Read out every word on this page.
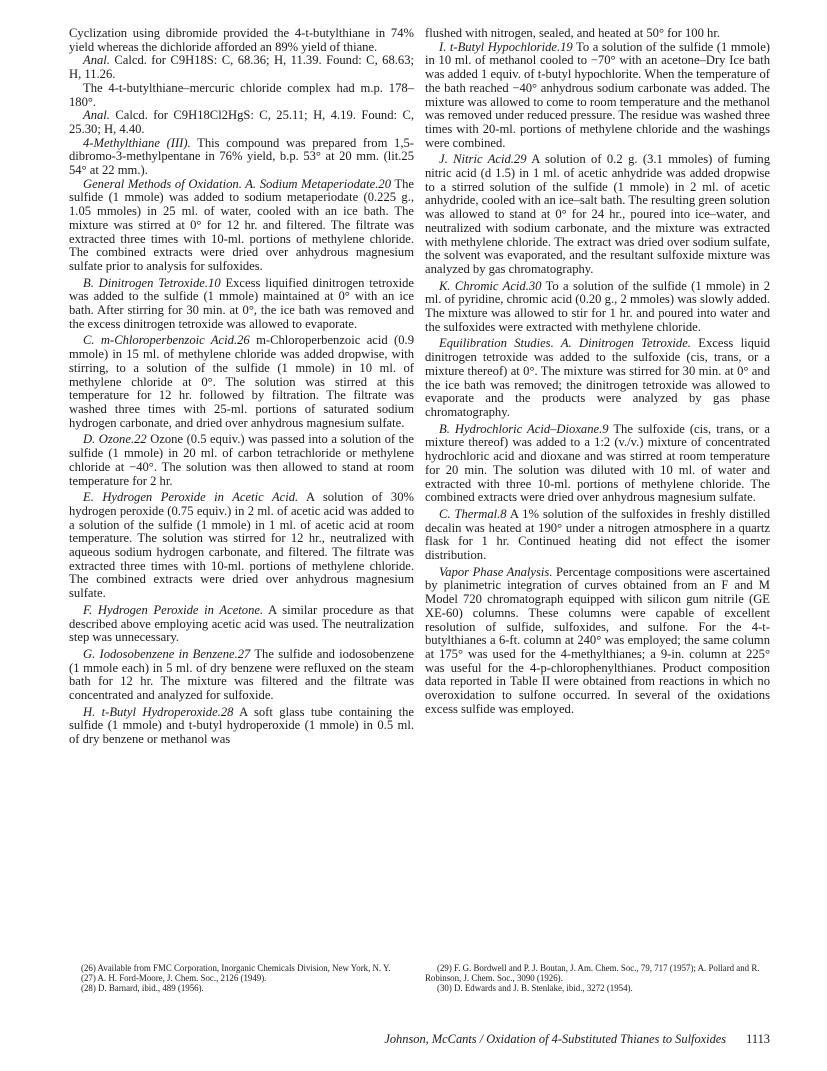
Cyclization using dibromide provided the 4-t-butylthiane in 74% yield whereas the dichloride afforded an 89% yield of thiane.

Anal. Calcd. for C9H18S: C, 68.36; H, 11.39. Found: C, 68.63; H, 11.26.

The 4-t-butylthiane–mercuric chloride complex had m.p. 178–180°.

Anal. Calcd. for C9H18Cl2HgS: C, 25.11; H, 4.19. Found: C, 25.30; H, 4.40.

4-Methylthiane (III). This compound was prepared from 1,5-dibromo-3-methylpentane in 76% yield, b.p. 53° at 20 mm. (lit.25 54° at 22 mm.).

General Methods of Oxidation. A. Sodium Metaperiodate.20 The sulfide (1 mmole) was added to sodium metaperiodate (0.225 g., 1.05 mmoles) in 25 ml. of water, cooled with an ice bath. The mixture was stirred at 0° for 12 hr. and filtered. The filtrate was extracted three times with 10-ml. portions of methylene chloride. The combined extracts were dried over anhydrous magnesium sulfate prior to analysis for sulfoxides.

B. Dinitrogen Tetroxide.10 Excess liquified dinitrogen tetroxide was added to the sulfide (1 mmole) maintained at 0° with an ice bath. After stirring for 30 min. at 0°, the ice bath was removed and the excess dinitrogen tetroxide was allowed to evaporate.

C. m-Chloroperbenzoic Acid.26 m-Chloroperbenzoic acid (0.9 mmole) in 15 ml. of methylene chloride was added dropwise, with stirring, to a solution of the sulfide (1 mmole) in 10 ml. of methylene chloride at 0°. The solution was stirred at this temperature for 12 hr. followed by filtration. The filtrate was washed three times with 25-ml. portions of saturated sodium hydrogen carbonate, and dried over anhydrous magnesium sulfate.

D. Ozone.22 Ozone (0.5 equiv.) was passed into a solution of the sulfide (1 mmole) in 20 ml. of carbon tetrachloride or methylene chloride at −40°. The solution was then allowed to stand at room temperature for 2 hr.

E. Hydrogen Peroxide in Acetic Acid. A solution of 30% hydrogen peroxide (0.75 equiv.) in 2 ml. of acetic acid was added to a solution of the sulfide (1 mmole) in 1 ml. of acetic acid at room temperature. The solution was stirred for 12 hr., neutralized with aqueous sodium hydrogen carbonate, and filtered. The filtrate was extracted three times with 10-ml. portions of methylene chloride. The combined extracts were dried over anhydrous magnesium sulfate.

F. Hydrogen Peroxide in Acetone. A similar procedure as that described above employing acetic acid was used. The neutralization step was unnecessary.

G. Iodosobenzene in Benzene.27 The sulfide and iodosobenzene (1 mmole each) in 5 ml. of dry benzene were refluxed on the steam bath for 12 hr. The mixture was filtered and the filtrate was concentrated and analyzed for sulfoxide.

H. t-Butyl Hydroperoxide.28 A soft glass tube containing the sulfide (1 mmole) and t-butyl hydroperoxide (1 mmole) in 0.5 ml. of dry benzene or methanol was

flushed with nitrogen, sealed, and heated at 50° for 100 hr.

I. t-Butyl Hypochloride.19 To a solution of the sulfide (1 mmole) in 10 ml. of methanol cooled to −70° with an acetone–Dry Ice bath was added 1 equiv. of t-butyl hypochlorite. When the temperature of the bath reached −40° anhydrous sodium carbonate was added. The mixture was allowed to come to room temperature and the methanol was removed under reduced pressure. The residue was washed three times with 20-ml. portions of methylene chloride and the washings were combined.

J. Nitric Acid.29 A solution of 0.2 g. (3.1 mmoles) of fuming nitric acid (d 1.5) in 1 ml. of acetic anhydride was added dropwise to a stirred solution of the sulfide (1 mmole) in 2 ml. of acetic anhydride, cooled with an ice–salt bath. The resulting green solution was allowed to stand at 0° for 24 hr., poured into ice–water, and neutralized with sodium carbonate, and the mixture was extracted with methylene chloride. The extract was dried over sodium sulfate, the solvent was evaporated, and the resultant sulfoxide mixture was analyzed by gas chromatography.

K. Chromic Acid.30 To a solution of the sulfide (1 mmole) in 2 ml. of pyridine, chromic acid (0.20 g., 2 mmoles) was slowly added. The mixture was allowed to stir for 1 hr. and poured into water and the sulfoxides were extracted with methylene chloride.

Equilibration Studies. A. Dinitrogen Tetroxide. Excess liquid dinitrogen tetroxide was added to the sulfoxide (cis, trans, or a mixture thereof) at 0°. The mixture was stirred for 30 min. at 0° and the ice bath was removed; the dinitrogen tetroxide was allowed to evaporate and the products were analyzed by gas phase chromatography.

B. Hydrochloric Acid–Dioxane.9 The sulfoxide (cis, trans, or a mixture thereof) was added to a 1:2 (v./v.) mixture of concentrated hydrochloric acid and dioxane and was stirred at room temperature for 20 min. The solution was diluted with 10 ml. of water and extracted with three 10-ml. portions of methylene chloride. The combined extracts were dried over anhydrous magnesium sulfate.

C. Thermal.8 A 1% solution of the sulfoxides in freshly distilled decalin was heated at 190° under a nitrogen atmosphere in a quartz flask for 1 hr. Continued heating did not effect the isomer distribution.

Vapor Phase Analysis. Percentage compositions were ascertained by planimetric integration of curves obtained from an F and M Model 720 chromatograph equipped with silicon gum nitrile (GE XE-60) columns. These columns were capable of excellent resolution of sulfide, sulfoxides, and sulfone. For the 4-t-butylthianes a 6-ft. column at 240° was employed; the same column at 175° was used for the 4-methylthianes; a 9-in. column at 225° was useful for the 4-p-chlorophenylthianes. Product composition data reported in Table II were obtained from reactions in which no overoxidation to sulfone occurred. In several of the oxidations excess sulfide was employed.

(26) Available from FMC Corporation, Inorganic Chemicals Division, New York, N. Y.

(27) A. H. Ford-Moore, J. Chem. Soc., 2126 (1949).

(28) D. Barnard, ibid., 489 (1956).

(29) F. G. Bordwell and P. J. Boutan, J. Am. Chem. Soc., 79, 717 (1957); A. Pollard and R. Robinson, J. Chem. Soc., 3090 (1926).

(30) D. Edwards and J. B. Stenlake, ibid., 3272 (1954).

Johnson, McCants / Oxidation of 4-Substituted Thianes to Sulfoxides 1113
